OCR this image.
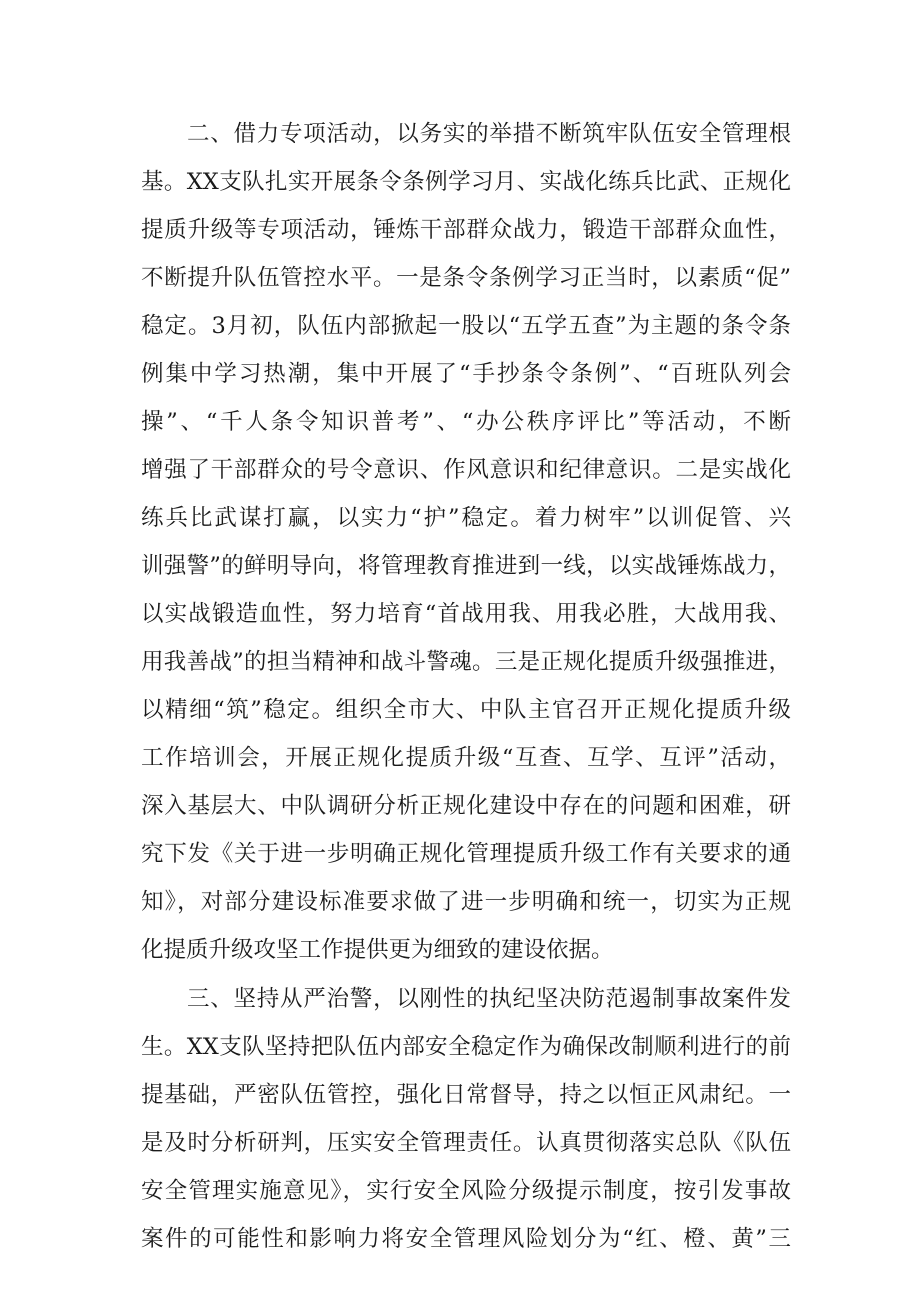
二、借力专项活动，以务实的举措不断筑牢队伍安全管理根
基。XX支队扎实开展条令条例学习月、实战化练兵比武、正规化
提质升级等专项活动，锤炼干部群众战力，锻造干部群众血性，
不断提升队伍管控水平。一是条令条例学习正当时，以素质“促”
稳定。3月初，队伍内部掀起一股以“五学五查”为主题的条令条
例集中学习热潮，集中开展了“手抄条令条例”、“百班队列会
操”、“千人条令知识普考”、“办公秩序评比”等活动，不断
增强了干部群众的号令意识、作风意识和纪律意识。二是实战化
练兵比武谋打赢，以实力“护”稳定。着力树牢”以训促管、兴
训强警”的鲜明导向，将管理教育推进到一线，以实战锤炼战力，
以实战锻造血性，努力培育“首战用我、用我必胜，大战用我、
用我善战”的担当精神和战斗警魂。三是正规化提质升级强推进，
以精细“筑”稳定。组织全市大、中队主官召开正规化提质升级
工作培训会，开展正规化提质升级“互查、互学、互评”活动，
深入基层大、中队调研分析正规化建设中存在的问题和困难，研
究下发《关于进一步明确正规化管理提质升级工作有关要求的通
知》，对部分建设标准要求做了进一步明确和统一，切实为正规
化提质升级攻坚工作提供更为细致的建设依据。
三、坚持从严治警，以刚性的执纪坚决防范遏制事故案件发
生。XX支队坚持把队伍内部安全稳定作为确保改制顺利进行的前
提基础，严密队伍管控，强化日常督导，持之以恒正风肃纪。一
是及时分析研判，压实安全管理责任。认真贯彻落实总队《队伍
安全管理实施意见》，实行安全风险分级提示制度，按引发事故
案件的可能性和影响力将安全管理风险划分为“红、橙、黄”三
